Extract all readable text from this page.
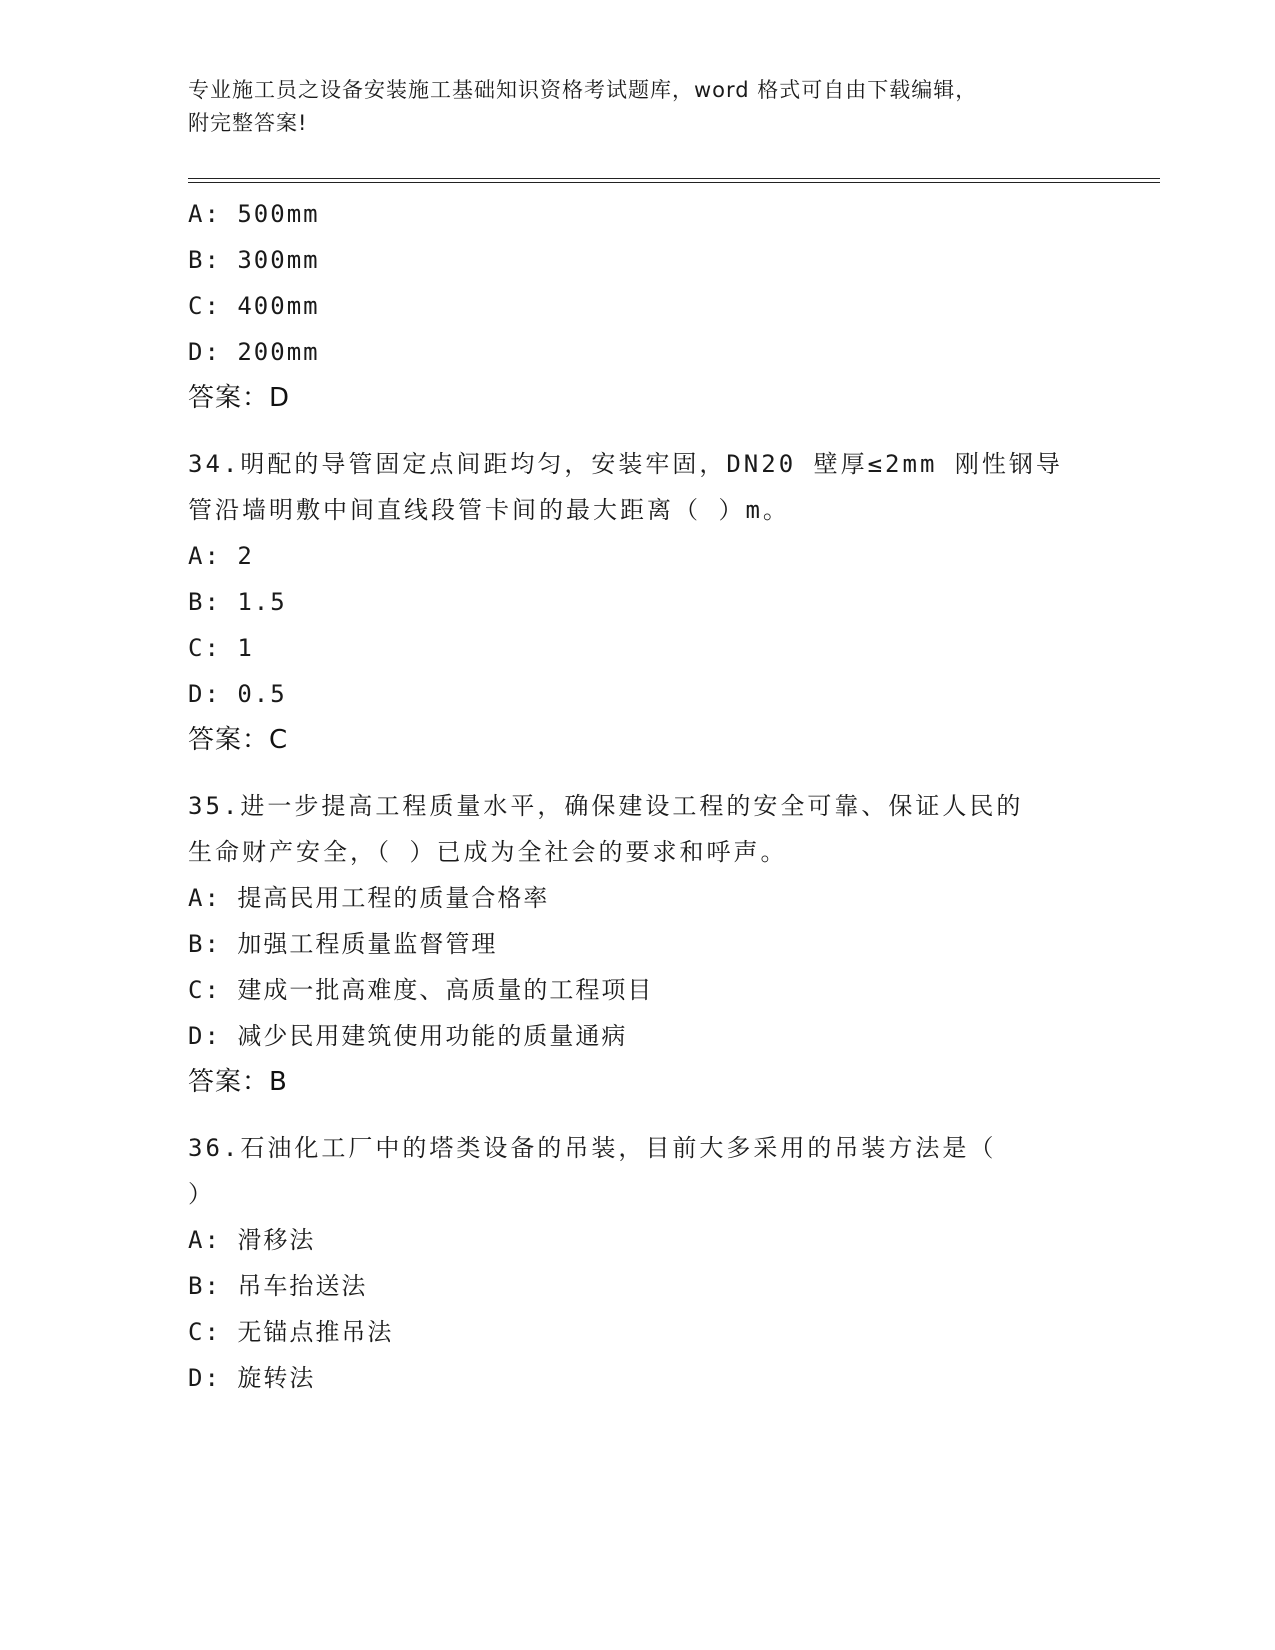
专业施工员之设备安装施工基础知识资格考试题库，word 格式可自由下载编辑，
附完整答案!
A: 500mm
B: 300mm
C: 400mm
D: 200mm
答案：D
34.明配的导管固定点间距均匀，安装牢固，DN20 壁厚≤2mm 刚性钢导
管沿墙明敷中间直线段管卡间的最大距离（ ）m。
A: 2
B: 1.5
C: 1
D: 0.5
答案：C
35.进一步提高工程质量水平，确保建设工程的安全可靠、保证人民的
生命财产安全，（ ）已成为全社会的要求和呼声。
A: 提高民用工程的质量合格率
B: 加强工程质量监督管理
C: 建成一批高难度、高质量的工程项目
D: 减少民用建筑使用功能的质量通病
答案：B
36.石油化工厂中的塔类设备的吊装，目前大多采用的吊装方法是（
）
A: 滑移法
B: 吊车抬送法
C: 无锚点推吊法
D: 旋转法
